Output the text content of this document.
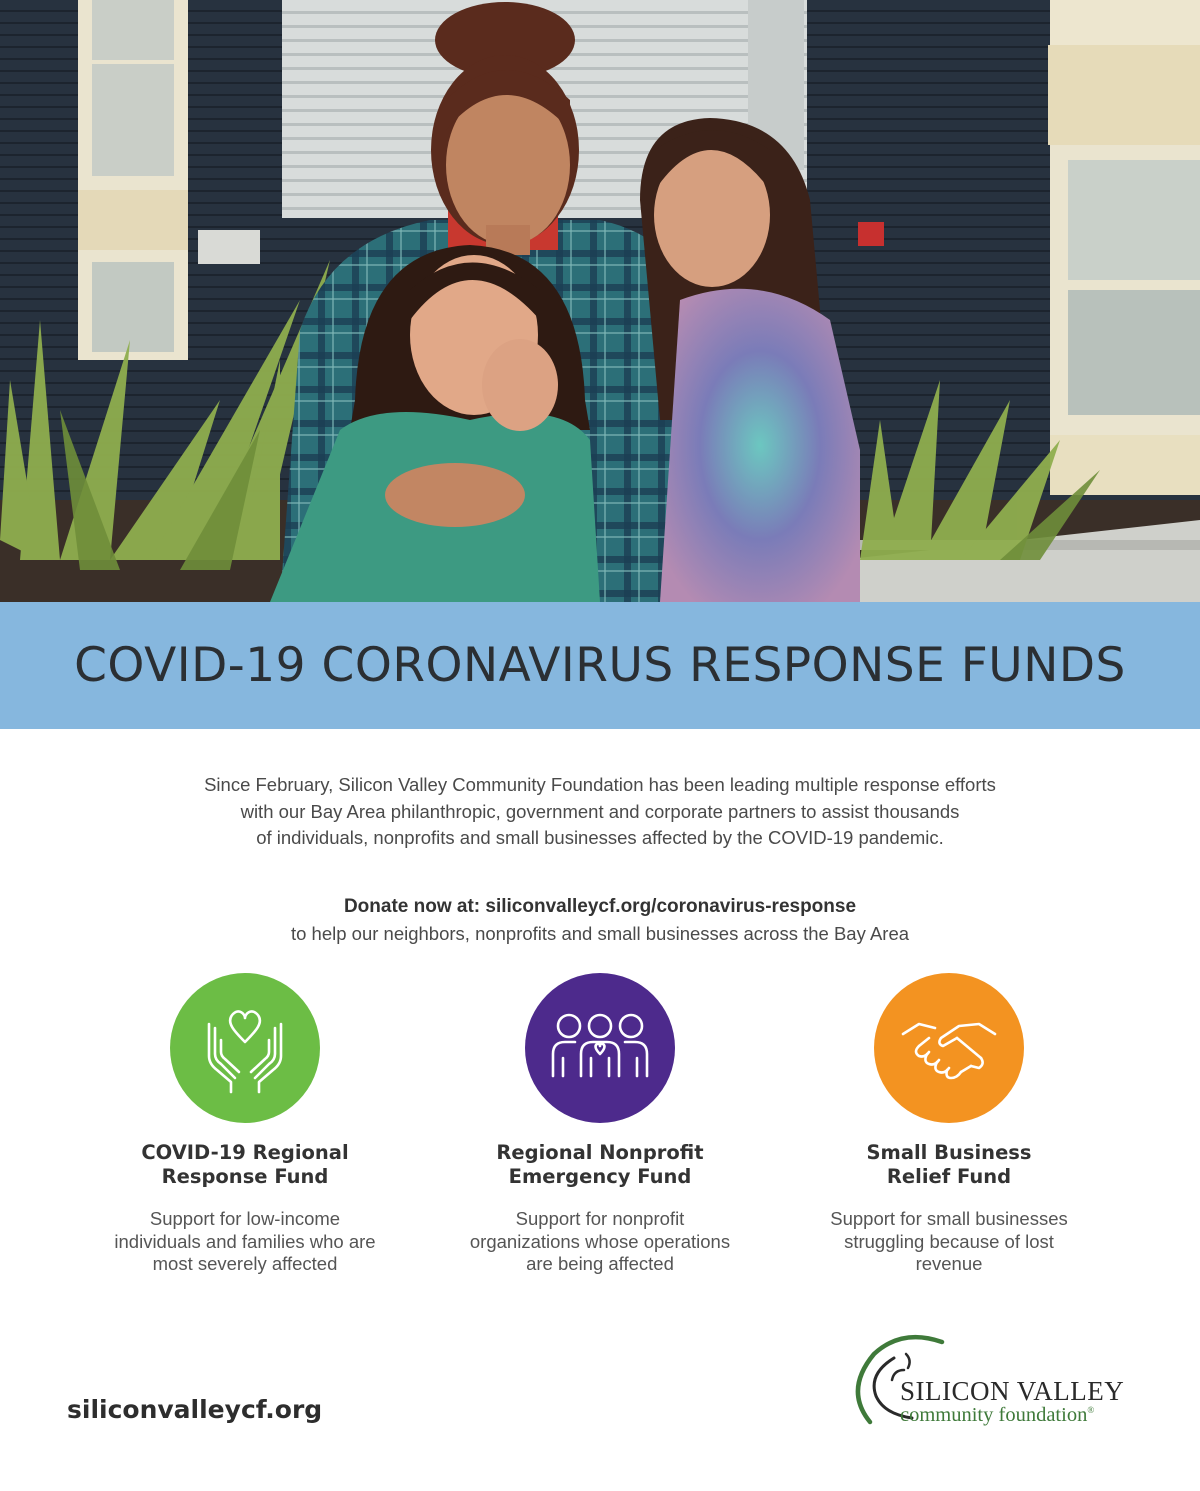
COVID-19 CORONAVIRUS RESPONSE FUNDS

Since February, Silicon Valley Community Foundation has been leading multiple response efforts
with our Bay Area philanthropic, government and corporate partners to assist thousands
of individuals, nonprofits and small businesses affected by the COVID-19 pandemic.

Donate now at: siliconvalleycf.org/coronavirus-response
to help our neighbors, nonprofits and small businesses across the Bay Area
COVID-19 Regional
Response Fund

Support for low-income
individuals and families who are
most severely affected

Regional Nonprofit
Emergency Fund

Support for nonprofit
organizations whose operations
are being affected

Small Business
Relief Fund

Support for small businesses
struggling because of lost
revenue

siliconvalleycf.org
SILICON VALLEY
community foundation®
